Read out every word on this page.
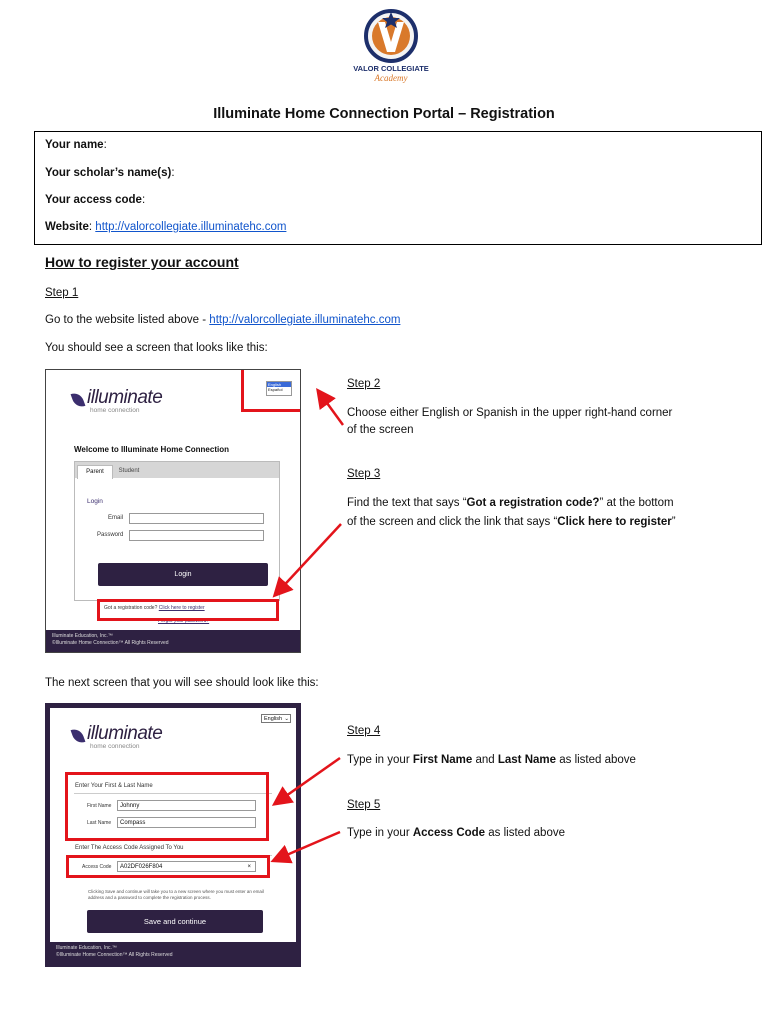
VALOR COLLEGIATE
Academy
Illuminate Home Connection Portal – Registration
Your name:
Your scholar’s name(s):
Your access code:
Website: http://valorcollegiate.illuminatehc.com
How to register your account
Step 1
Go to the website listed above - http://valorcollegiate.illuminatehc.com
You should see a screen that looks like this:
illuminate
home connection
English
Español
Welcome to Illuminate Home Connection
Parent	Student
Login
Email
Password
Login
Got a registration code? Click here to register
Forgot your password?
Illuminate Education, Inc.™
©Illuminate Home Connection™ All Rights Reserved
Step 2
Choose either English or Spanish in the upper right-hand corner of the screen
Step 3
Find the text that says “Got a registration code?” at the bottom of the screen and click the link that says “Click here to register”
The next screen that you will see should look like this:
illuminate
home connection
English ⌄
Enter Your First & Last Name
First Name	Johnny
Last Name	Compass
Enter The Access Code Assigned To You
Access Code	A02DF026F804	×
Clicking Save and continue will take you to a new screen where you must enter an email address and a password to complete the registration process.
Save and continue
Illuminate Education, Inc.™
©Illuminate Home Connection™ All Rights Reserved
Step 4
Type in your First Name and Last Name as listed above
Step 5
Type in your Access Code as listed above
